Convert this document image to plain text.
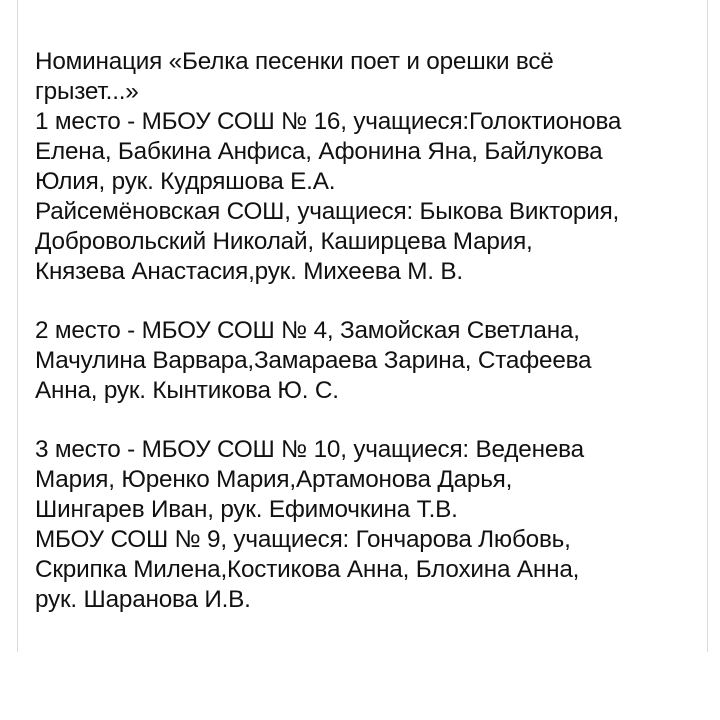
Номинация «Белка песенки поет и орешки всё
грызет...»
1 место - МБОУ СОШ № 16, учащиеся:Голоктионова
Елена, Бабкина Анфиса, Афонина Яна, Байлукова
Юлия, рук. Кудряшова Е.А.
Райсемёновская СОШ, учащиеся: Быкова Виктория,
Добровольский Николай, Каширцева Мария,
Князева Анастасия,рук. Михеева М. В.
2 место - МБОУ СОШ № 4, Замойская Светлана,
Мачулина Варвара,Замараева Зарина, Стафеева
Анна, рук. Кынтикова Ю. С.
3 место - МБОУ СОШ № 10, учащиеся: Веденева
Мария, Юренко Мария,Артамонова Дарья,
Шингарев Иван, рук. Ефимочкина Т.В.
МБОУ СОШ № 9, учащиеся: Гончарова Любовь,
Скрипка Милена,Костикова Анна, Блохина Анна,
рук. Шаранова И.В.
